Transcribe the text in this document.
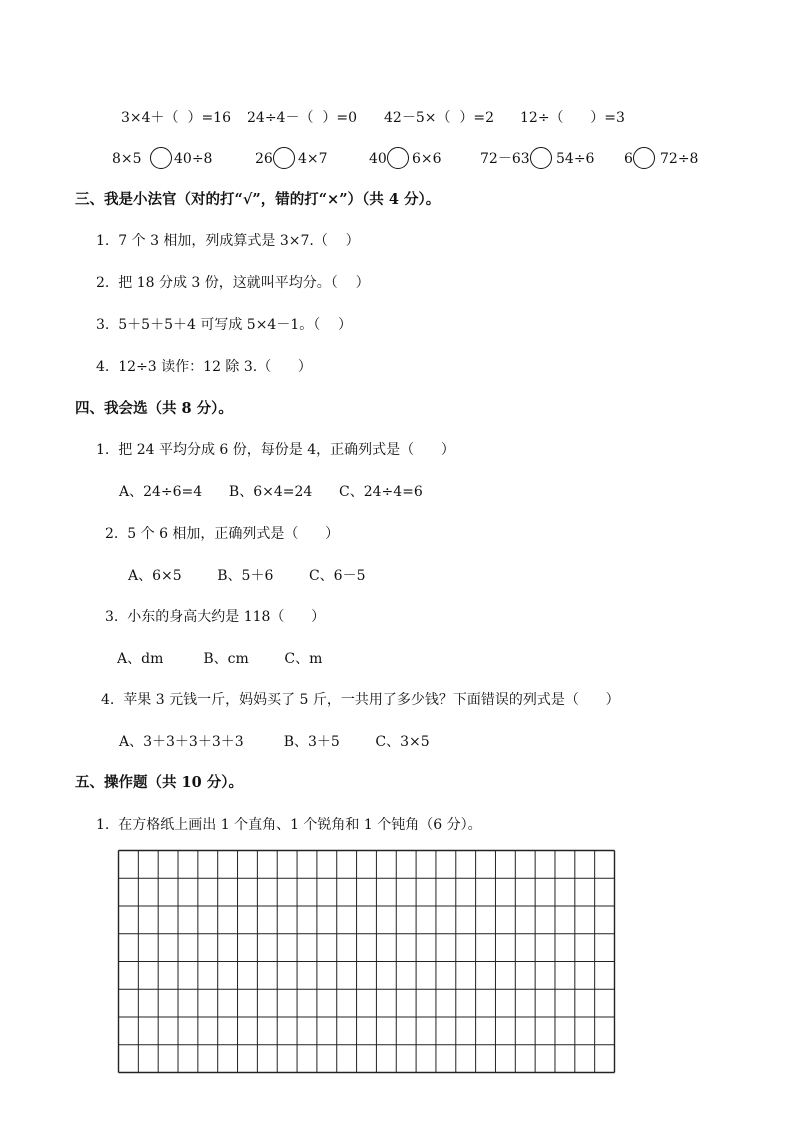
3×4＋（  ）=16 24÷4－（  ）=0 42－5×（  ）=2 12÷（      ）=3
8×5 40÷8	26 4×7	40 6×6	72－63 54÷6 6 72÷8
三、我是小法官（对的打“√”，错的打“×”）（共 4 分）。
1.  7 个 3 相加，列成算式是 3×7.（    ）
2.  把 18 分成 3 份，这就叫平均分。（    ）
3.  5＋5＋5＋4 可写成 5×4－1。（    ）
4.  12÷3 读作：12 除 3.（      ）
四、我会选（共 8 分）。
1.  把 24 平均分成 6 份，每份是 4，正确列式是（      ）
A、24÷6=4      B、6×4=24      C、24÷4=6
2.  5 个 6 相加，正确列式是（      ）
A、6×5        B、5＋6        C、6－5
3.  小东的身高大约是 118（      ）
A、dm         B、cm        C、m
4.  苹果 3 元钱一斤，妈妈买了 5 斤，一共用了多少钱？下面错误的列式是（      ）
A、3＋3＋3＋3＋3         B、3＋5        C、3×5
五、操作题（共 10 分）。
1.  在方格纸上画出 1 个直角、1 个锐角和 1 个钝角（6 分）。
